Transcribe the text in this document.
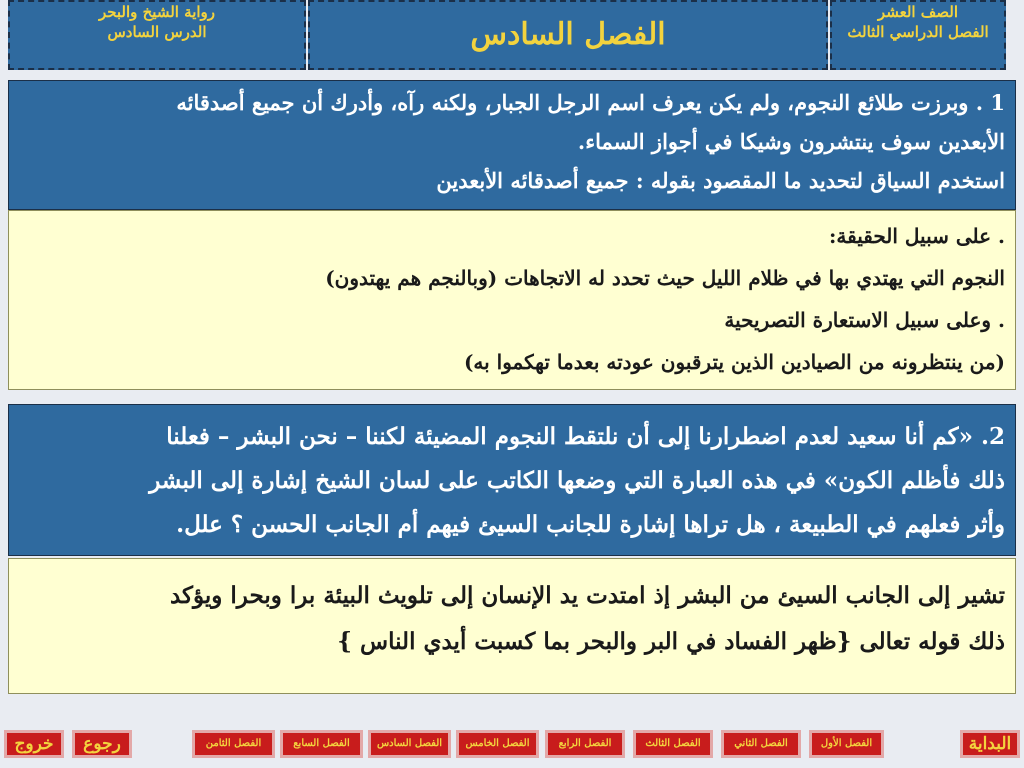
الصف العشر
الفصل الدراسي الثالث
الفصل السادس
رواية الشيخ والبحر
الدرس السادس
1 . وبرزت طلائع النجوم، ولم يكن يعرف اسم الرجل الجبار، ولكنه رآه، وأدرك أن جميع أصدقائه
الأبعدين سوف ينتشرون وشيكا في أجواز السماء.
استخدم السياق لتحديد ما المقصود بقوله : جميع أصدقائه الأبعدين
. على سبيل الحقيقة:
النجوم التي يهتدي بها في ظلام الليل حيث تحدد له الاتجاهات (وبالنجم هم يهتدون)
. وعلى سبيل الاستعارة التصريحية
(من ينتظرونه من الصيادين الذين يترقبون عودته بعدما تهكموا به)
2. «كم أنا سعيد لعدم اضطرارنا إلى أن نلتقط النجوم المضيئة لكننا – نحن البشر – فعلنا
ذلك فأظلم الكون» في هذه العبارة التي وضعها الكاتب على لسان الشيخ إشارة إلى البشر
وأثر فعلهم في الطبيعة ، هل تراها إشارة للجانب السيئ فيهم أم الجانب الحسن ؟ علل.
تشير إلى الجانب السيئ من البشر إذ امتدت يد الإنسان إلى تلويث البيئة برا وبحرا ويؤكد
ذلك قوله تعالى {ظهر الفساد في البر والبحر بما كسبت أيدي الناس }
البداية
الفصل الأول
الفصل الثاني
الفصل الثالث
الفصل الرابع
الفصل الخامس
الفصل السادس
الفصل السابع
الفصل الثامن
رجوع
خروج
